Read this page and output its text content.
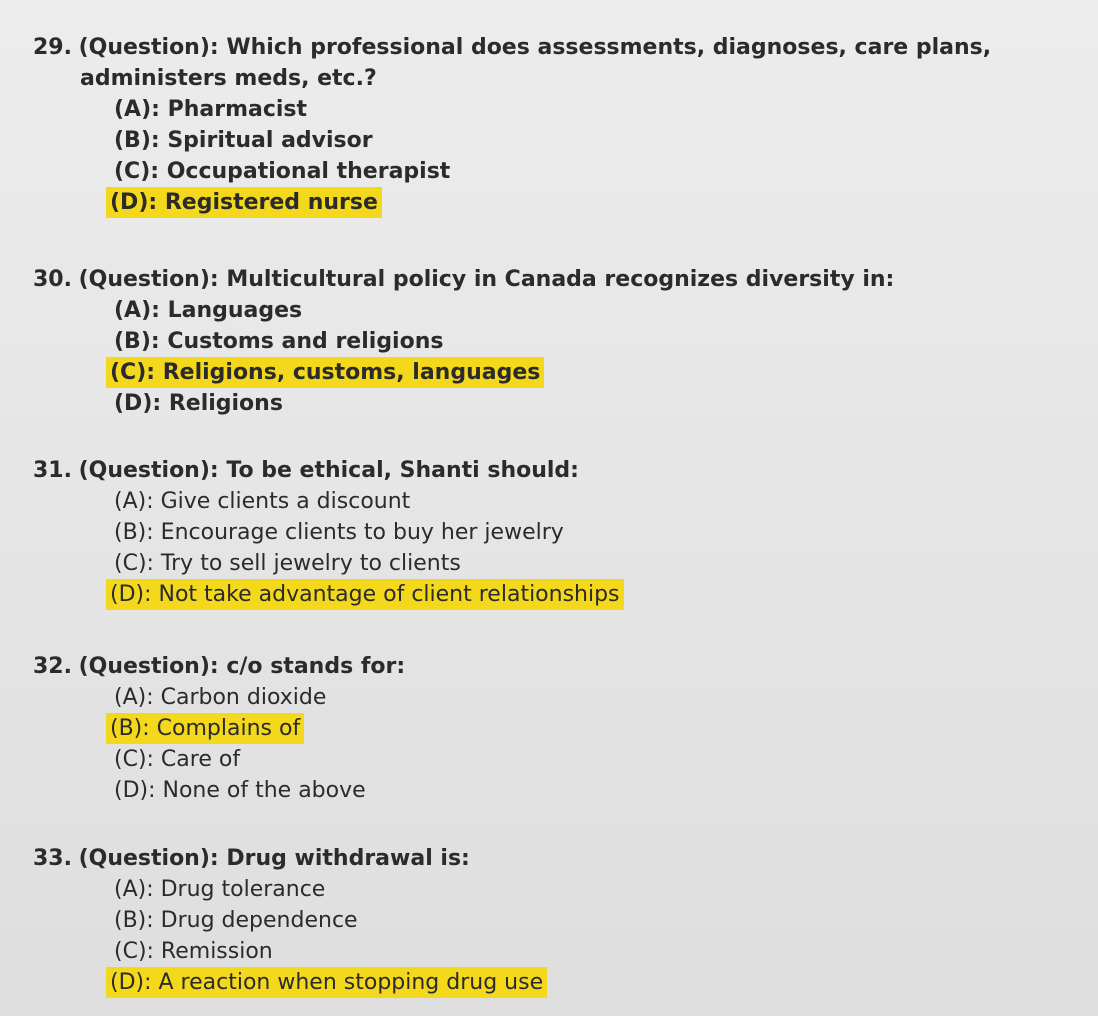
29. (Question): Which professional does assessments, diagnoses, care plans, administers meds, etc.?

(A): Pharmacist
(B): Spiritual advisor
(C): Occupational therapist
(D): Registered nurse

30. (Question): Multicultural policy in Canada recognizes diversity in:

(A): Languages
(B): Customs and religions
(C): Religions, customs, languages
(D): Religions

31. (Question): To be ethical, Shanti should:

(A): Give clients a discount
(B): Encourage clients to buy her jewelry
(C): Try to sell jewelry to clients
(D): Not take advantage of client relationships

32. (Question): c/o stands for:

(A): Carbon dioxide
(B): Complains of
(C): Care of
(D): None of the above

33. (Question): Drug withdrawal is:

(A): Drug tolerance
(B): Drug dependence
(C): Remission
(D): A reaction when stopping drug use
